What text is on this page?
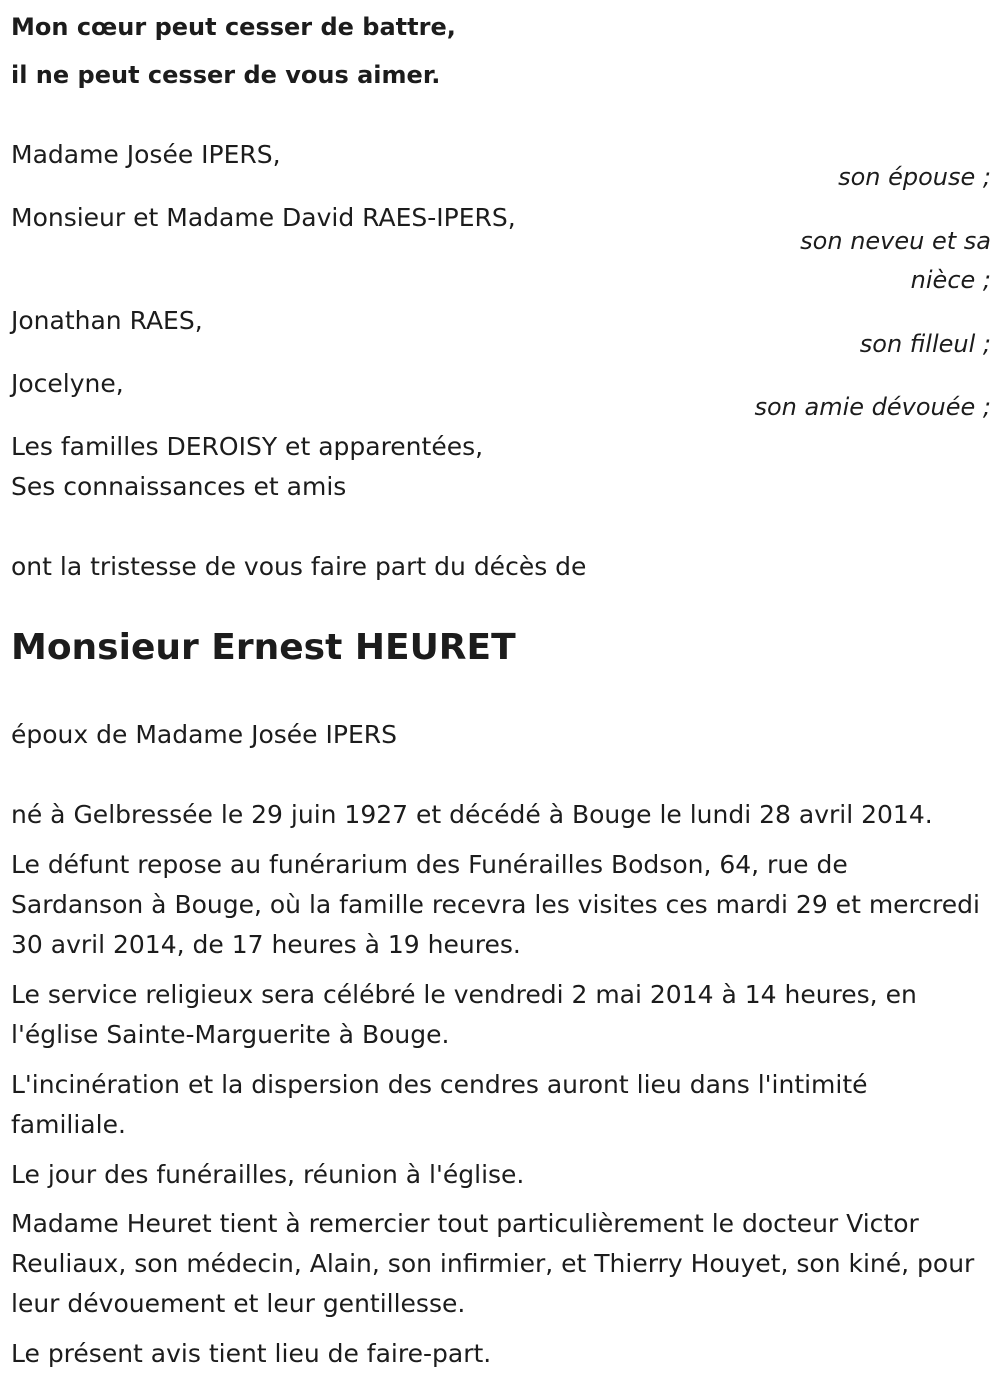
Mon cœur peut cesser de battre,
il ne peut cesser de vous aimer.
Madame Josée IPERS,
son épouse ;
Monsieur et Madame David RAES-IPERS,
son neveu et sa
nièce ;
Jonathan RAES,
son filleul ;
Jocelyne,
son amie dévouée ;
Les familles DEROISY et apparentées,
Ses connaissances et amis
ont la tristesse de vous faire part du décès de
Monsieur Ernest HEURET
époux de Madame Josée IPERS
né à Gelbressée le 29 juin 1927 et décédé à Bouge le lundi 28 avril 2014.
Le défunt repose au funérarium des Funérailles Bodson, 64, rue de Sardanson à Bouge, où la famille recevra les visites ces mardi 29 et mercredi 30 avril 2014, de 17 heures à 19 heures.
Le service religieux sera célébré le vendredi 2 mai 2014 à 14 heures, en l'église Sainte-Marguerite à Bouge.
L'incinération et la dispersion des cendres auront lieu dans l'intimité familiale.
Le jour des funérailles, réunion à l'église.
Madame Heuret tient à remercier tout particulièrement le docteur Victor Reuliaux, son médecin, Alain, son infirmier, et Thierry Houyet, son kiné, pour leur dévouement et leur gentillesse.
Le présent avis tient lieu de faire-part.
